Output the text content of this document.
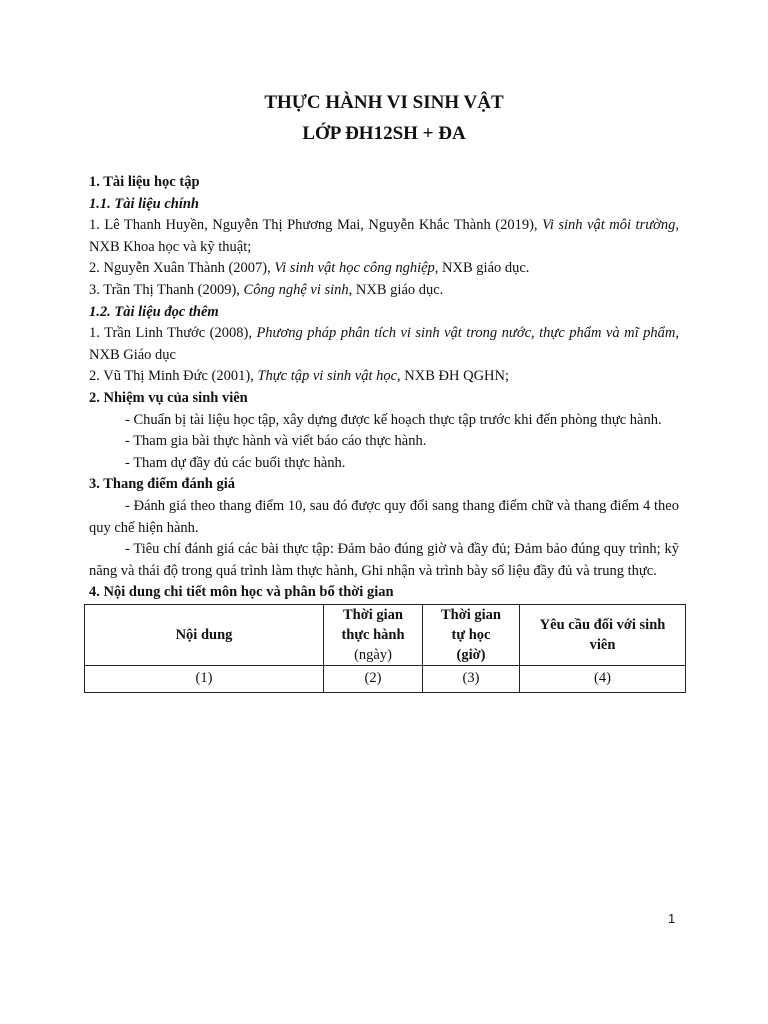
THỰC HÀNH VI SINH VẬT
LỚP ĐH12SH + ĐA

1. Tài liệu học tập

1.1. Tài liệu chính

1. Lê Thanh Huyền, Nguyễn Thị Phương Mai, Nguyễn Khắc Thành (2019), Vi sinh vật môi trường, NXB Khoa học và kỹ thuật;

2. Nguyễn Xuân Thành (2007), Vi sinh vật học công nghiệp, NXB giáo dục.

3. Trần Thị Thanh (2009), Công nghệ vi sinh, NXB giáo dục.

1.2. Tài liệu đọc thêm

1. Trần Linh Thước (2008), Phương pháp phân tích vi sinh vật trong nước, thực phẩm và mĩ phẩm, NXB Giáo dục

2. Vũ Thị Minh Đức (2001), Thực tập vi sinh vật học, NXB ĐH QGHN;

2. Nhiệm vụ của sinh viên

- Chuẩn bị tài liệu học tập, xây dựng được kế hoạch thực tập trước khi đến phòng thực hành.

- Tham gia bài thực hành và viết báo cáo thực hành.

- Tham dự đầy đủ các buổi thực hành.

3. Thang điểm đánh giá

- Đánh giá theo thang điểm 10, sau đó được quy đổi sang thang điểm chữ và thang điểm 4 theo quy chế hiện hành.

- Tiêu chí đánh giá các bài thực tập: Đảm bảo đúng giờ và đầy đủ; Đảm bảo đúng quy trình; kỹ năng và thái độ trong quá trình làm thực hành, Ghi nhận và trình bày số liệu đầy đủ và trung thực.

4. Nội dung chi tiết môn học và phân bổ thời gian

Nội dung	Thời gian
thực hành
(ngày)	Thời gian
tự học
(giờ)	Yêu cầu đối với sinh
viên
(1)	(2)	(3)	(4)
1
